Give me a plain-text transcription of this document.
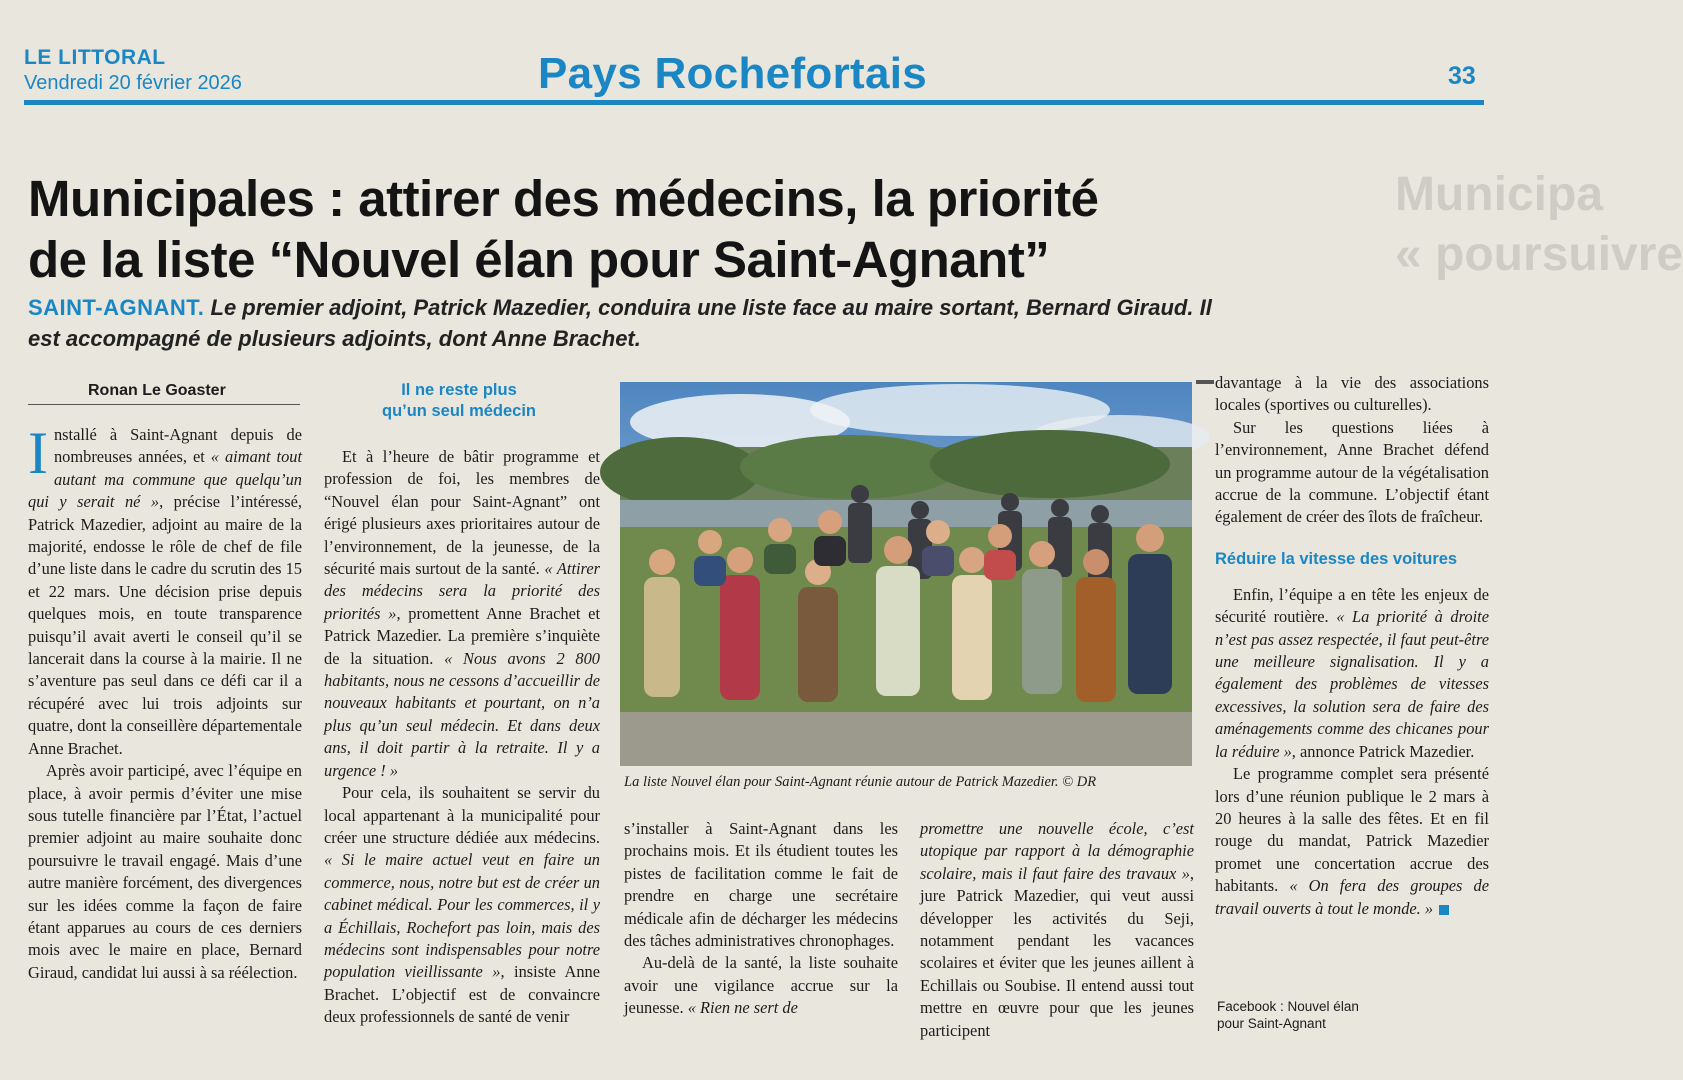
LE LITTORAL
Vendredi 20 février 2026	Pays Rochefortais	33
Municipa
« poursuivre
Municipales : attirer des médecins, la priorité
de la liste “Nouvel élan pour Saint-Agnant”
SAINT-AGNANT. Le premier adjoint, Patrick Mazedier, conduira une liste face au maire sortant, Bernard Giraud. Il est accompagné de plusieurs adjoints, dont Anne Brachet.
Ronan Le Goaster

Installé à Saint-Agnant depuis de nombreuses années, et « aimant tout autant ma commune que quelqu’un qui y serait né », précise l’intéressé, Patrick Mazedier, adjoint au maire de la majorité, endosse le rôle de chef de file d’une liste dans le cadre du scrutin des 15 et 22 mars. Une décision prise depuis quelques mois, en toute transparence puisqu’il avait averti le conseil qu’il se lancerait dans la course à la mairie. Il ne s’aventure pas seul dans ce défi car il a récupéré avec lui trois adjoints sur quatre, dont la conseillère départementale Anne Brachet.

Après avoir participé, avec l’équipe en place, à avoir permis d’éviter une mise sous tutelle financière par l’État, l’actuel premier adjoint au maire souhaite donc poursuivre le travail engagé. Mais d’une autre manière forcément, des divergences sur les idées comme la façon de faire étant apparues au cours de ces derniers mois avec le maire en place, Bernard Giraud, candidat lui aussi à sa réélection.

Il ne reste plus
qu’un seul médecin

Et à l’heure de bâtir programme et profession de foi, les membres de “Nouvel élan pour Saint-Agnant” ont érigé plusieurs axes prioritaires autour de l’environnement, de la jeunesse, de la sécurité mais surtout de la santé. « Attirer des médecins sera la priorité des priorités », promettent Anne Brachet et Patrick Mazedier. La première s’inquiète de la situation. « Nous avons 2 800 habitants, nous ne cessons d’accueillir de nouveaux habitants et pourtant, on n’a plus qu’un seul médecin. Et dans deux ans, il doit partir à la retraite. Il y a urgence ! »

Pour cela, ils souhaitent se servir du local appartenant à la municipalité pour créer une structure dédiée aux médecins. « Si le maire actuel veut en faire un commerce, nous, notre but est de créer un cabinet médical. Pour les commerces, il y a Échillais, Rochefort pas loin, mais des médecins sont indispensables pour notre population vieillissante », insiste Anne Brachet. L’objectif est de convaincre deux professionnels de santé de venir

La liste Nouvel élan pour Saint-Agnant réunie autour de Patrick Mazedier. © DR

s’installer à Saint-Agnant dans les prochains mois. Et ils étudient toutes les pistes de facilitation comme le fait de prendre en charge une secrétaire médicale afin de décharger les médecins des tâches administratives chronophages.

Au-delà de la santé, la liste souhaite avoir une vigilance accrue sur la jeunesse. « Rien ne sert de

promettre une nouvelle école, c’est utopique par rapport à la démographie scolaire, mais il faut faire des travaux », jure Patrick Mazedier, qui veut aussi développer les activités du Seji, notamment pendant les vacances scolaires et éviter que les jeunes aillent à Echillais ou Soubise. Il entend aussi tout mettre en œuvre pour que les jeunes participent

davantage à la vie des associations locales (sportives ou culturelles).

Sur les questions liées à l’environnement, Anne Brachet défend un programme autour de la végétalisation accrue de la commune. L’objectif étant également de créer des îlots de fraîcheur.

Réduire la vitesse des voitures

Enfin, l’équipe a en tête les enjeux de sécurité routière. « La priorité à droite n’est pas assez respectée, il faut peut-être une meilleure signalisation. Il y a également des problèmes de vitesses excessives, la solution sera de faire des aménagements comme des chicanes pour la réduire », annonce Patrick Mazedier.

Le programme complet sera présenté lors d’une réunion publique le 2 mars à 20 heures à la salle des fêtes. Et en fil rouge du mandat, Patrick Mazedier promet une concertation accrue des habitants. « On fera des groupes de travail ouverts à tout le monde. »

Facebook : Nouvel élan
pour Saint-Agnant
